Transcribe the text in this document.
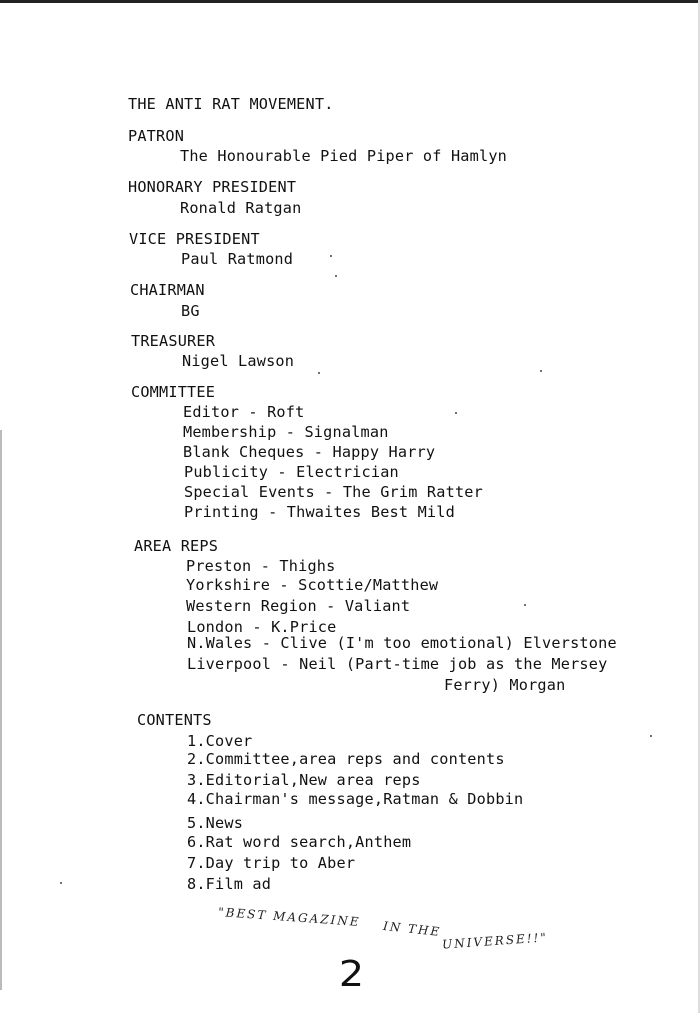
THE ANTI RAT MOVEMENT.
PATRON
The Honourable Pied Piper of Hamlyn
HONORARY PRESIDENT
Ronald Ratgan
VICE PRESIDENT
Paul Ratmond
CHAIRMAN
BG
TREASURER
Nigel Lawson
COMMITTEE
Editor - Roft
Membership - Signalman
Blank Cheques - Happy Harry
Publicity - Electrician
Special Events - The Grim Ratter
Printing - Thwaites Best Mild
AREA REPS
Preston - Thighs
Yorkshire - Scottie/Matthew
Western Region - Valiant
London - K.Price
N.Wales - Clive (I'm too emotional) Elverstone
Liverpool - Neil (Part-time job as the Mersey
Ferry) Morgan
CONTENTS
1.Cover
2.Committee,area reps and contents
3.Editorial,New area reps
4.Chairman's message,Ratman & Dobbin
5.News
6.Rat word search,Anthem
7.Day trip to Aber
8.Film ad
"BEST MAGAZINE
IN THE
UNIVERSE!!"
2
